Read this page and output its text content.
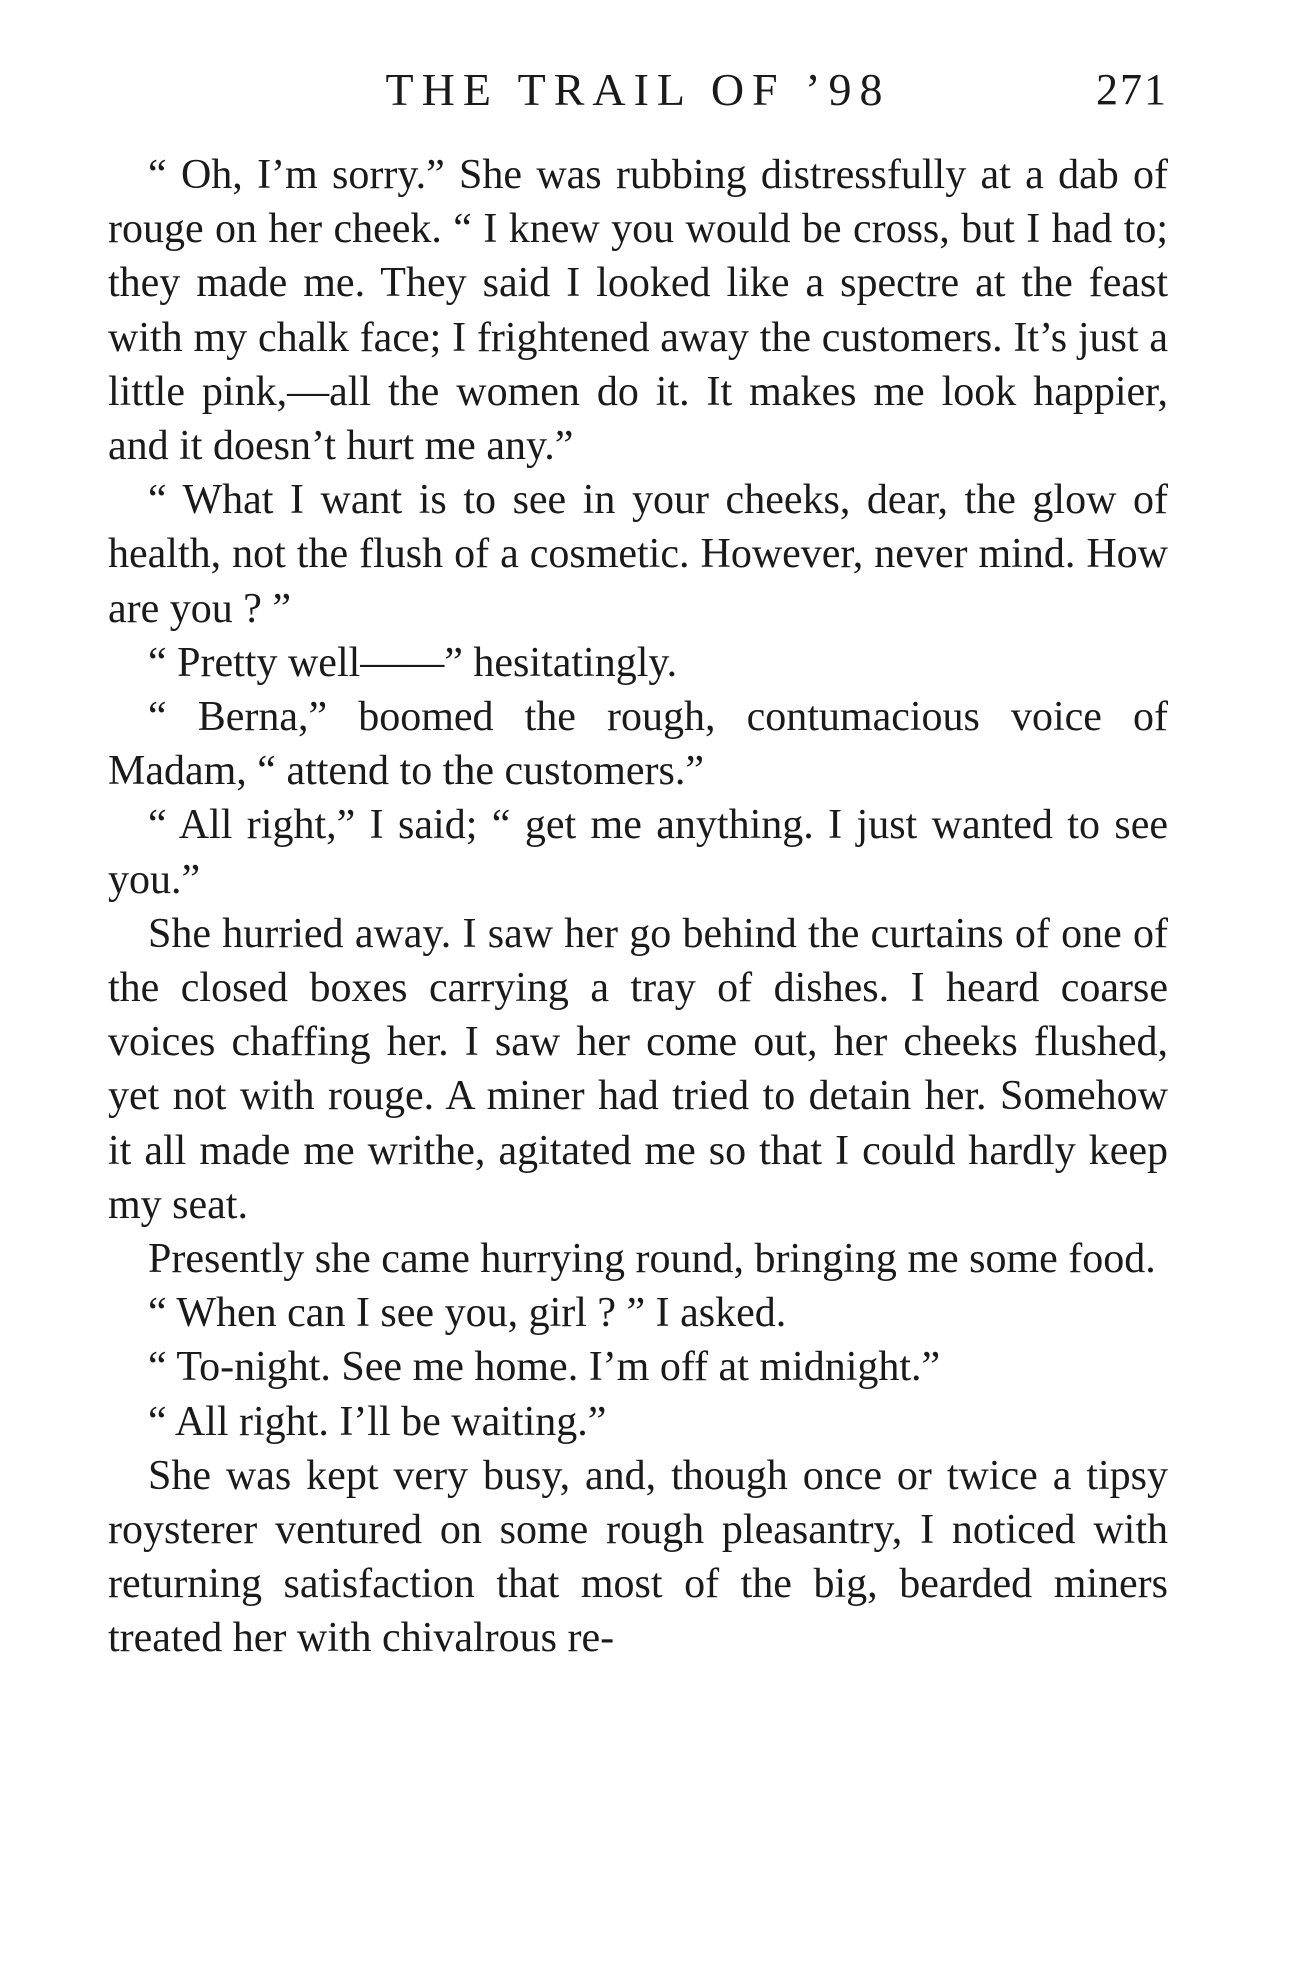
THE TRAIL OF ’98	271

“ Oh, I’m sorry.” She was rubbing distressfully at a dab of rouge on her cheek. “ I knew you would be cross, but I had to; they made me. They said I looked like a spectre at the feast with my chalk face; I frightened away the customers. It’s just a little pink,—all the women do it. It makes me look happier, and it doesn’t hurt me any.”

“ What I want is to see in your cheeks, dear, the glow of health, not the flush of a cosmetic. However, never mind. How are you ? ”

“ Pretty well——” hesitatingly.

“ Berna,” boomed the rough, contumacious voice of Madam, “ attend to the customers.”

“ All right,” I said; “ get me anything. I just wanted to see you.”

She hurried away. I saw her go behind the curtains of one of the closed boxes carrying a tray of dishes. I heard coarse voices chaffing her. I saw her come out, her cheeks flushed, yet not with rouge. A miner had tried to detain her. Somehow it all made me writhe, agitated me so that I could hardly keep my seat.

Presently she came hurrying round, bringing me some food.

“ When can I see you, girl ? ” I asked.

“ To-night. See me home. I’m off at midnight.”

“ All right. I’ll be waiting.”

She was kept very busy, and, though once or twice a tipsy roysterer ventured on some rough pleasantry, I noticed with returning satisfaction that most of the big, bearded miners treated her with chivalrous re-
